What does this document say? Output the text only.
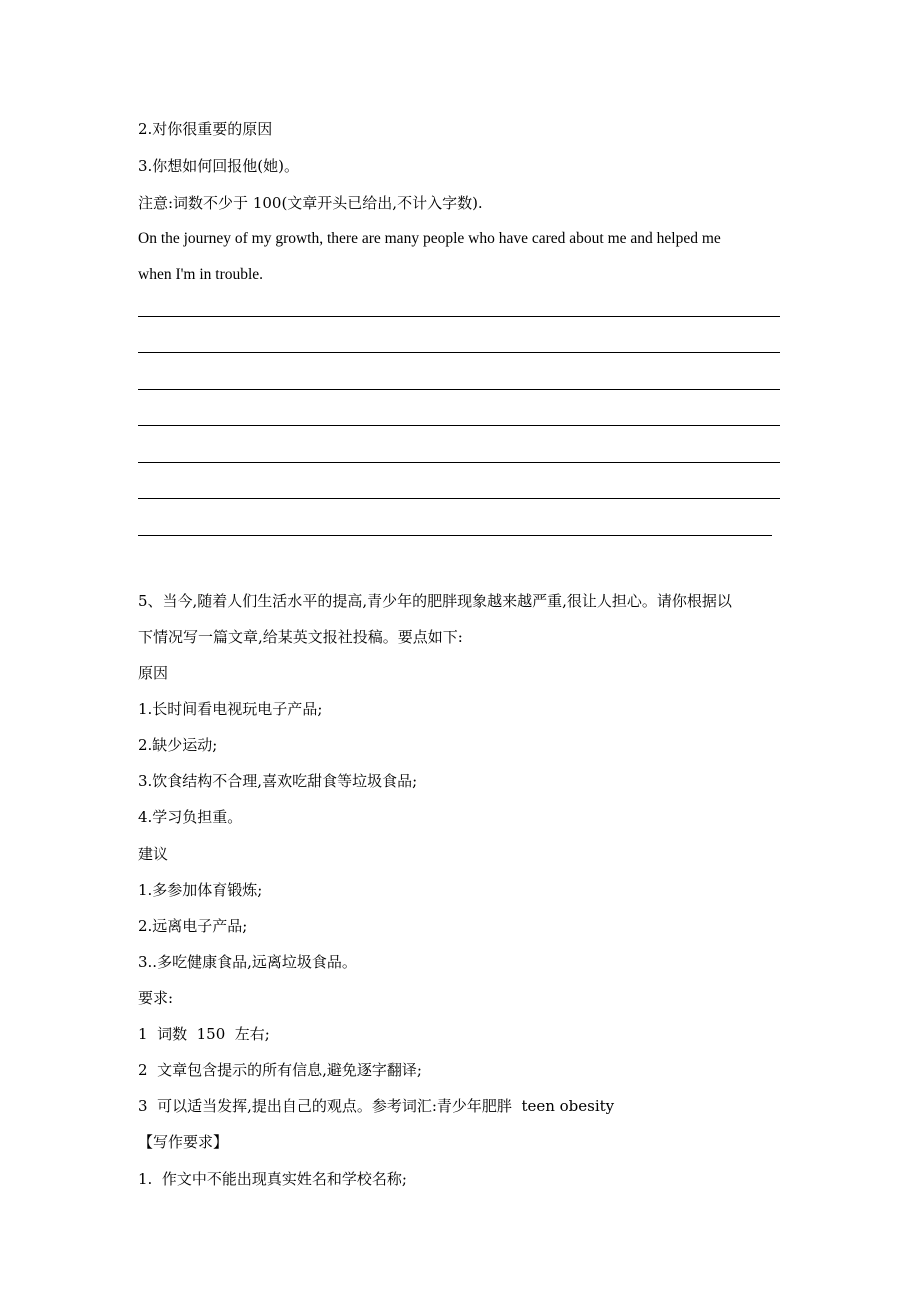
2.对你很重要的原因
3.你想如何回报他(她)。
注意:词数不少于 100(文章开头已给出,不计入字数).
On the journey of my growth, there are many people who have cared about me and helped me
when I'm in trouble.
5、当今,随着人们生活水平的提高,青少年的肥胖现象越来越严重,很让人担心。请你根据以
下情况写一篇文章,给某英文报社投稿。要点如下:
原因
1.长时间看电视玩电子产品;
2.缺少运动;
3.饮食结构不合理,喜欢吃甜食等垃圾食品;
4.学习负担重。
建议
1.多参加体育锻炼;
2.远离电子产品;
3..多吃健康食品,远离垃圾食品。
要求:
1  词数  150  左右;
2  文章包含提示的所有信息,避免逐字翻译;
3  可以适当发挥,提出自己的观点。参考词汇:青少年肥胖  teen obesity
【写作要求】
1.  作文中不能出现真实姓名和学校名称;
